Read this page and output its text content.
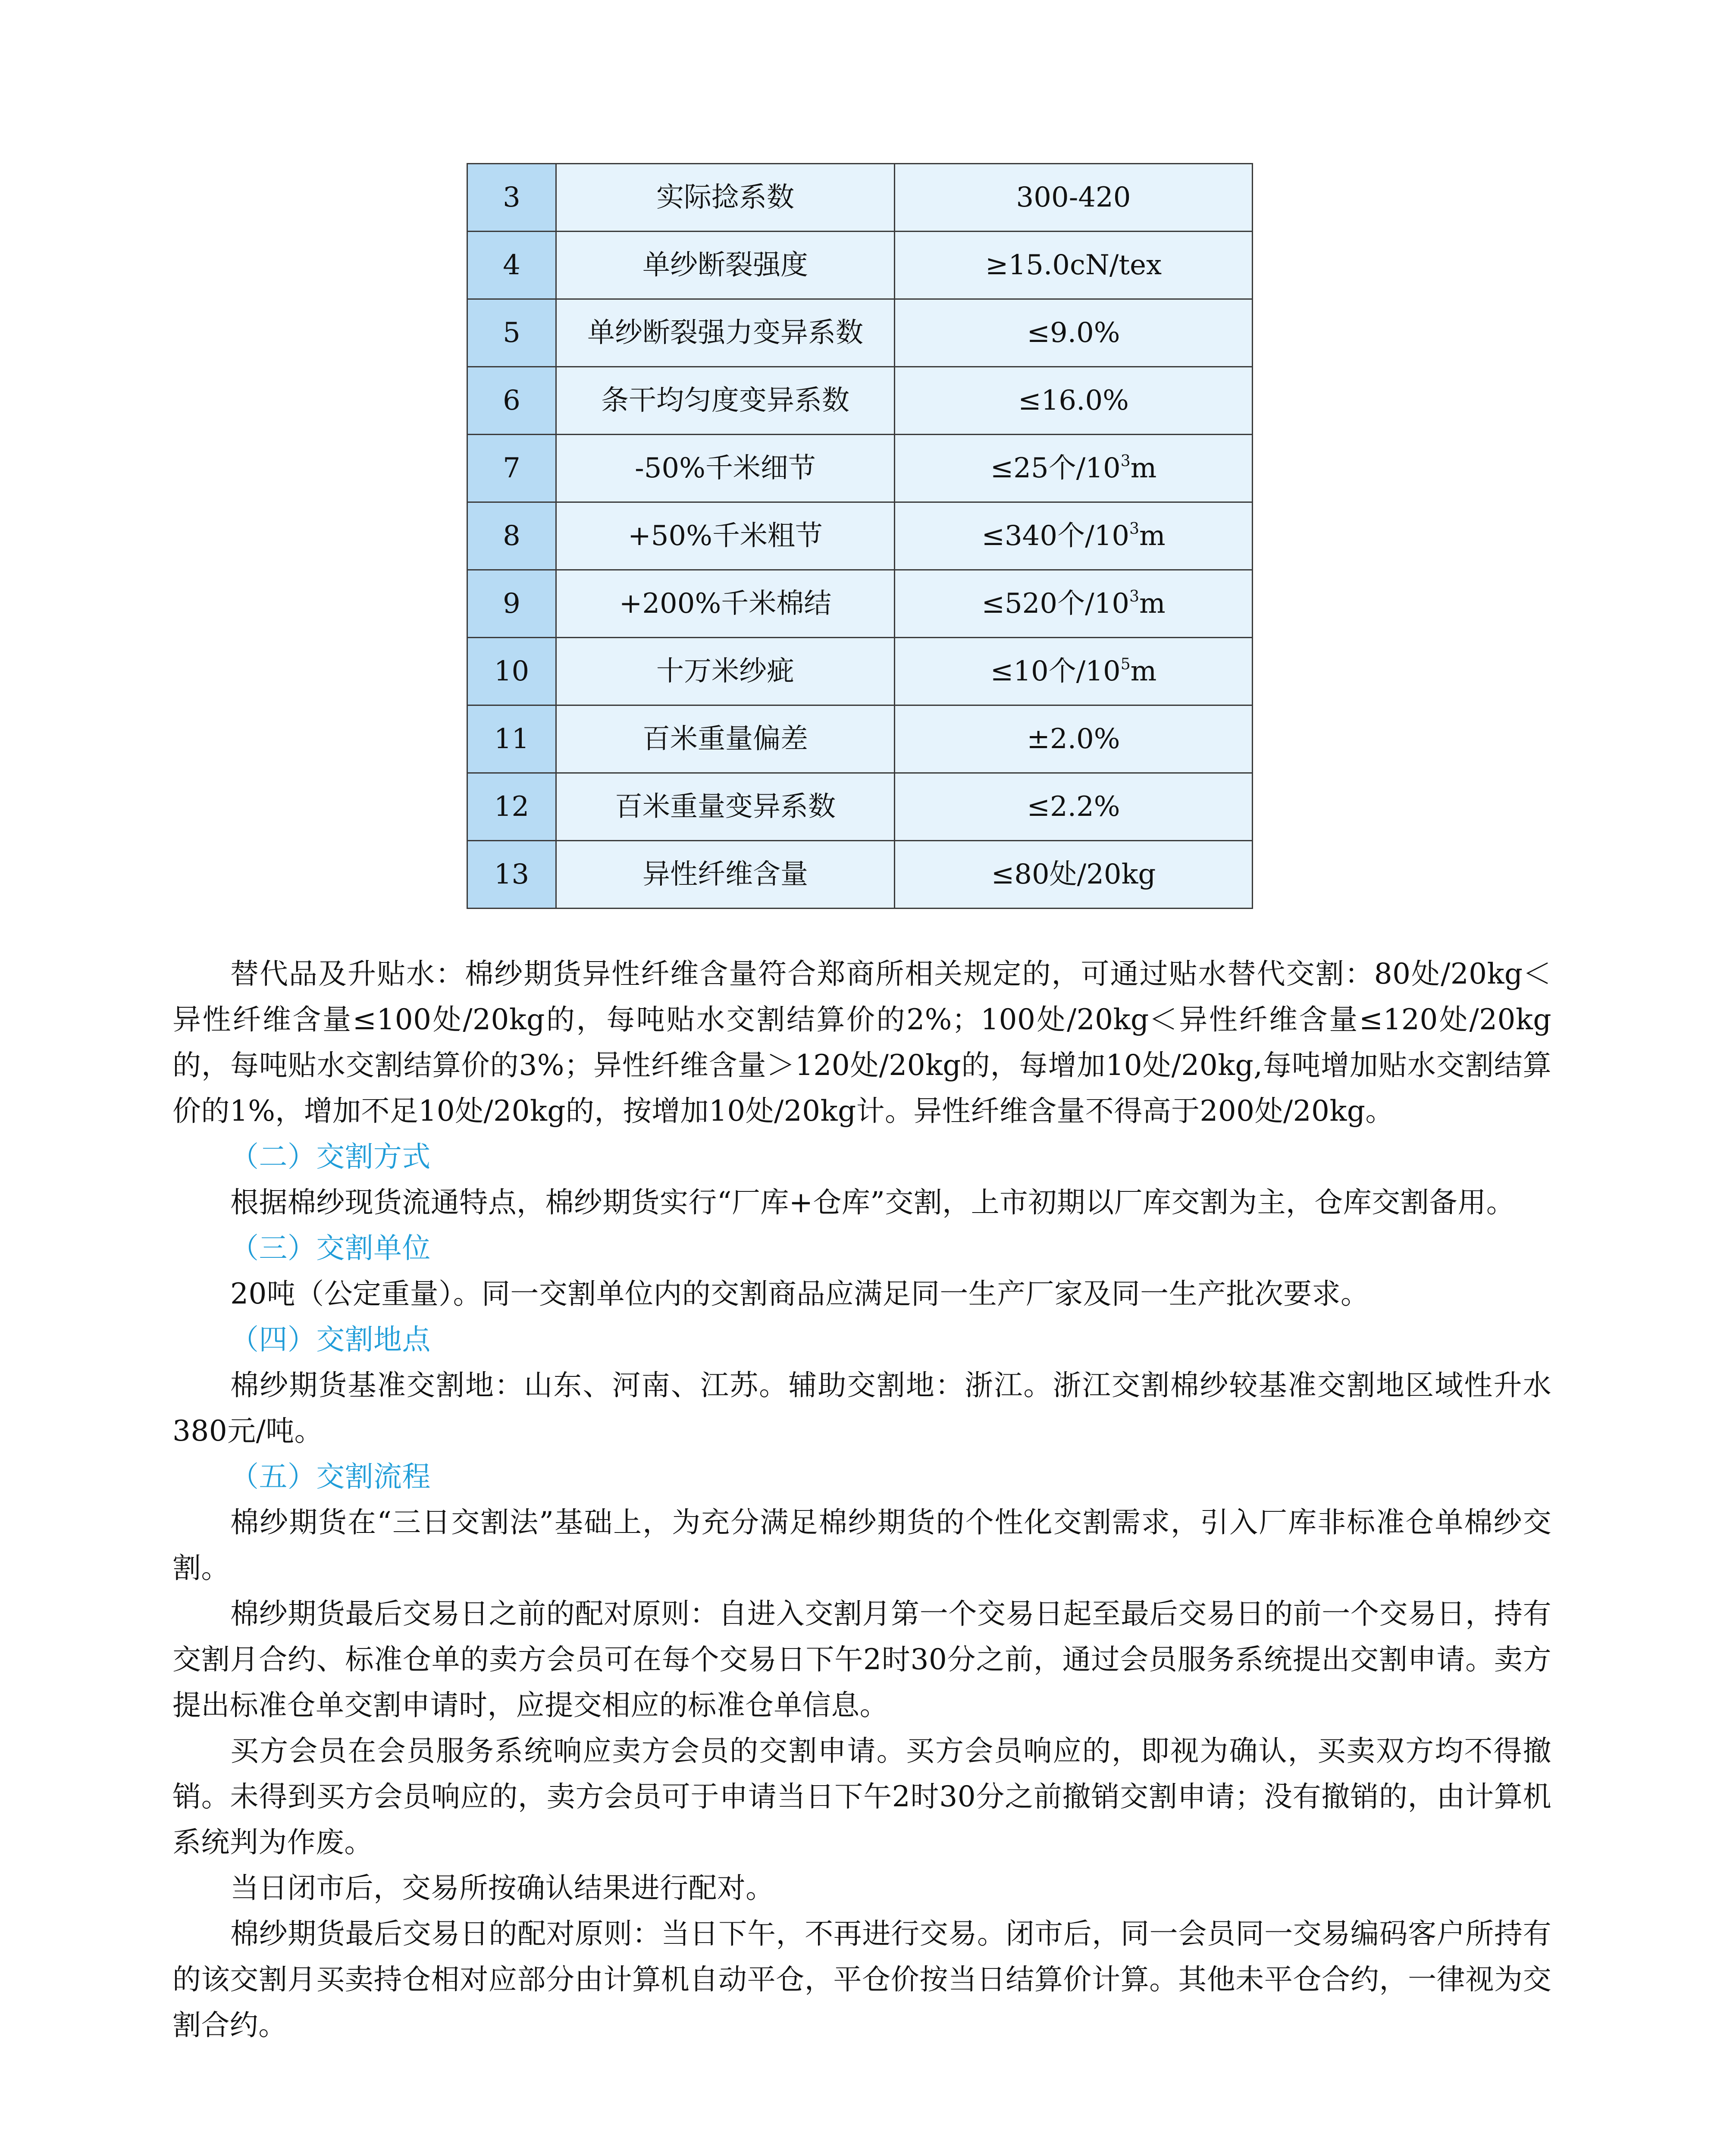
3	实际捻系数	300-420
4	单纱断裂强度	≥15.0cN/tex
5	单纱断裂强力变异系数	≤9.0%
6	条干均匀度变异系数	≤16.0%
7	-50%千米细节	≤25个$/10^3m$
8	+50%千米粗节	≤340个$/10^3m$
9	+200%千米棉结	≤520个$/10^3m$
10	十万米纱疵	≤10个$/10^5m$
11	百米重量偏差	±2.0%
12	百米重量变异系数	≤2.2%
13	异性纤维含量	≤80处/20kg

替代品及升贴水：棉纱期货异性纤维含量符合郑商所相关规定的，可通过贴水替代交割：80处/20kg＜异性纤维含量≤100处/20kg的，每吨贴水交割结算价的2%；100处/20kg＜异性纤维含量≤120处/20kg的，每吨贴水交割结算价的3%；异性纤维含量＞120处/20kg的，每增加10处/20kg,每吨增加贴水交割结算价的1%，增加不足10处/20kg的，按增加10处/20kg计。异性纤维含量不得高于200处/20kg。

（二）交割方式

根据棉纱现货流通特点，棉纱期货实行“厂库+仓库”交割，上市初期以厂库交割为主，仓库交割备用。

（三）交割单位

20吨（公定重量）。同一交割单位内的交割商品应满足同一生产厂家及同一生产批次要求。

（四）交割地点

棉纱期货基准交割地：山东、河南、江苏。辅助交割地：浙江。浙江交割棉纱较基准交割地区域性升水380元/吨。

（五）交割流程

棉纱期货在“三日交割法”基础上，为充分满足棉纱期货的个性化交割需求，引入厂库非标准仓单棉纱交割。

棉纱期货最后交易日之前的配对原则：自进入交割月第一个交易日起至最后交易日的前一个交易日，持有交割月合约、标准仓单的卖方会员可在每个交易日下午2时30分之前，通过会员服务系统提出交割申请。卖方提出标准仓单交割申请时，应提交相应的标准仓单信息。

买方会员在会员服务系统响应卖方会员的交割申请。买方会员响应的，即视为确认，买卖双方均不得撤销。未得到买方会员响应的，卖方会员可于申请当日下午2时30分之前撤销交割申请；没有撤销的，由计算机系统判为作废。

当日闭市后，交易所按确认结果进行配对。

棉纱期货最后交易日的配对原则：当日下午，不再进行交易。闭市后，同一会员同一交易编码客户所持有的该交割月买卖持仓相对应部分由计算机自动平仓，平仓价按当日结算价计算。其他未平仓合约，一律视为交割合约。
